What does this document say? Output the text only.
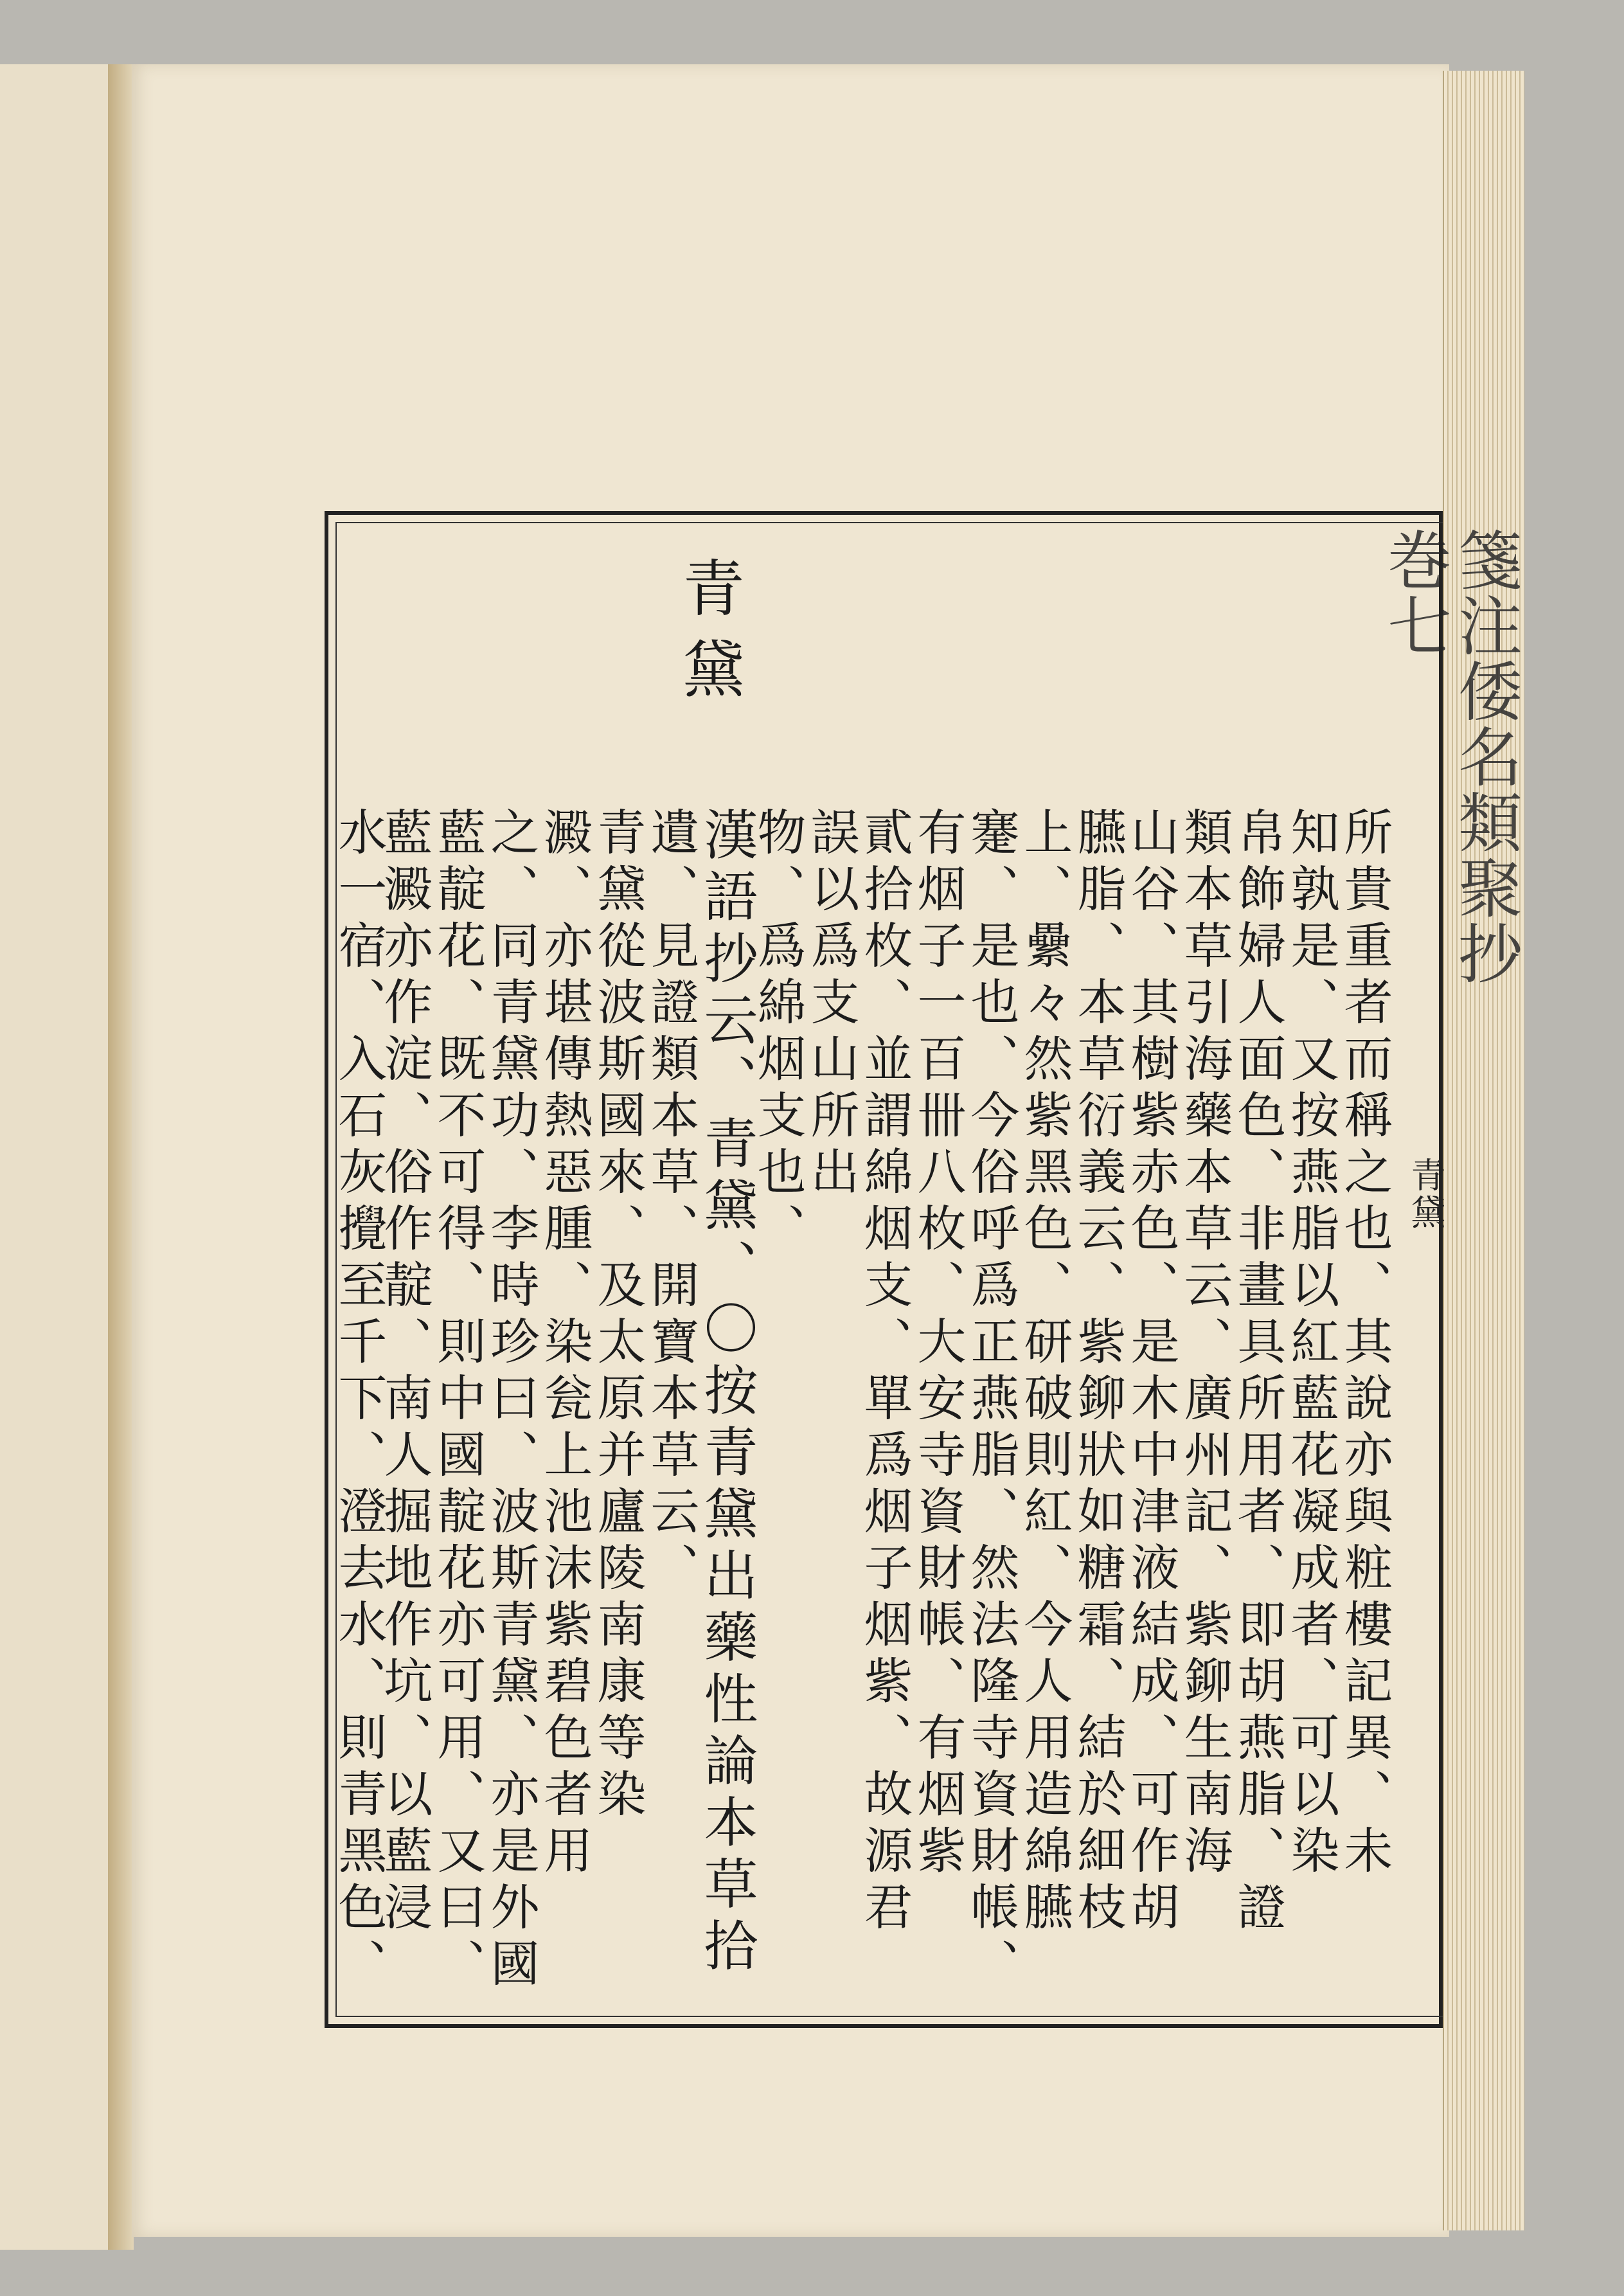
箋注倭名類聚抄 巻七
青黛
青黛
所貴重者而稱之也、其說亦與粧樓記異、未
知孰是、又按燕脂以紅藍花凝成者、可以染
帛飾婦人面色、非畫具所用者、即胡燕脂、證
類本草引海藥本草云、廣州記、紫鉚生南海
山谷、其樹紫赤色、是木中津液結成、可作胡
臙脂、本草衍義云、紫鉚狀如糖霜、結於細枝
上、纍々然紫黑色、研破則紅、今人用造綿臙
䞿、是也、今俗呼爲正燕脂、然法隆寺資財帳、
有烟子一百卌八枚、大安寺資財帳、有烟紫
貳拾枚、並謂綿烟支、單爲烟子烟紫、故源君
誤以爲支山所出
物、爲綿烟支也、
漢語抄云、青黛、〇按青黛出藥性論本草拾
遺、見證類本草、開寶本草云、
青黛從波斯國來、及太原并廬陵南康等染
澱、亦堪傳熱惡腫、染瓮上池沫紫碧色者用
之、同青黛功、李時珍曰、波斯青黛、亦是外國
藍靛花、既不可得、則中國靛花亦可用、又曰、
藍澱亦作淀、俗作靛、南人掘地作坑、以藍浸
水一宿、入石灰攪至千下、澄去水、則青黑色、
